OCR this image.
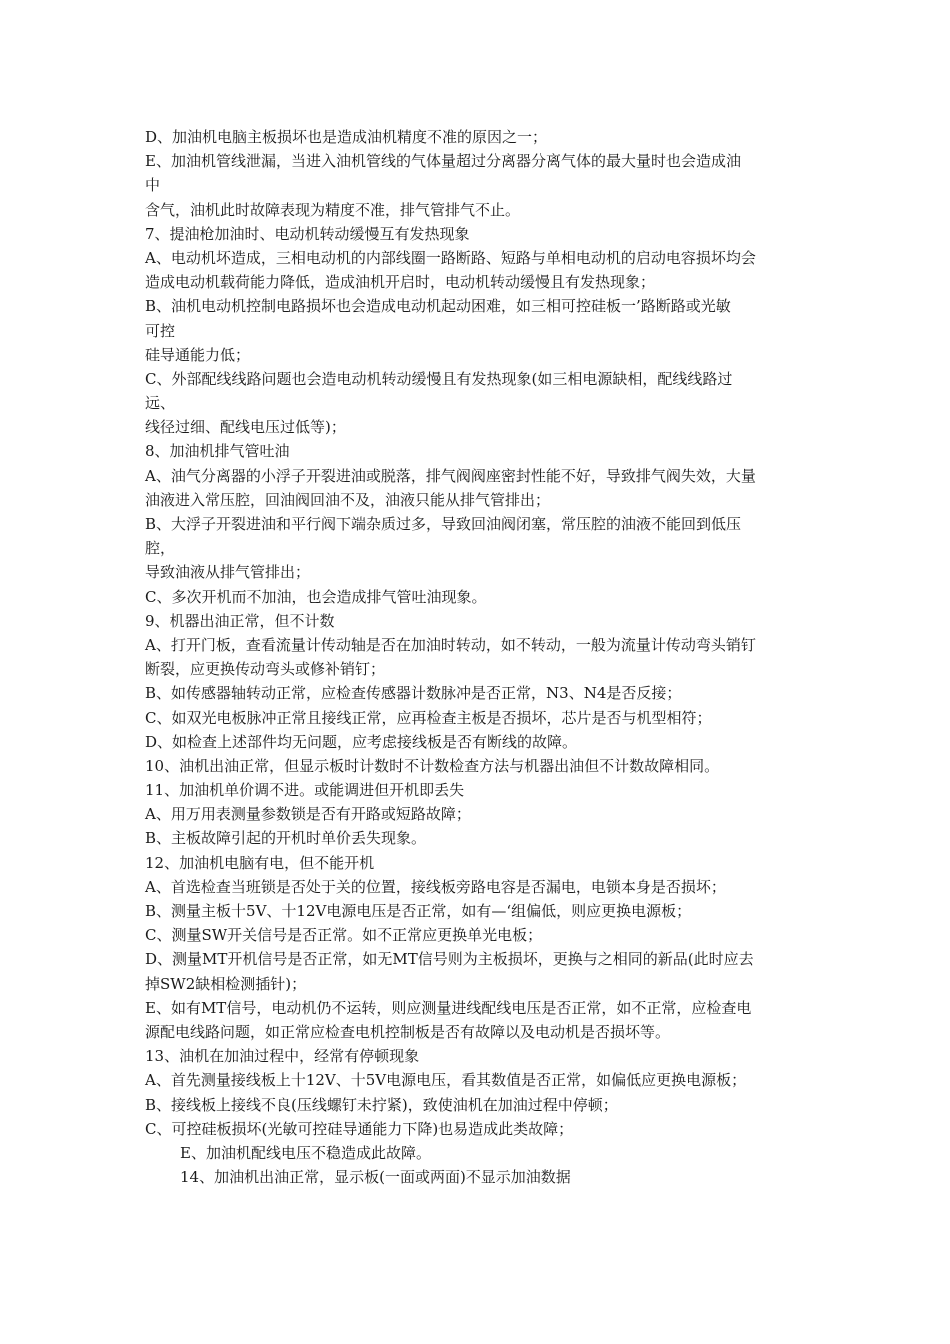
D、加油机电脑主板损坏也是造成油机精度不准的原因之一；
E、加油机管线泄漏，当进入油机管线的气体量超过分离器分离气体的最大量时也会造成油
中
含气，油机此时故障表现为精度不准，排气管排气不止。
7、提油枪加油时、电动机转动缓慢互有发热现象
A、电动机坏造成，三相电动机的内部线圈一路断路、短路与单相电动机的启动电容损坏均会
造成电动机载荷能力降低，造成油机开启时，电动机转动缓慢且有发热现象；
B、油机电动机控制电路损坏也会造成电动机起动困难，如三相可控硅板一’路断路或光敏
可控
硅导通能力低；
C、外部配线线路问题也会造电动机转动缓慢且有发热现象(如三相电源缺相，配线线路过
远、
线径过细、配线电压过低等)；
8、加油机排气管吐油
A、油气分离器的小浮子开裂进油或脱落，排气阀阀座密封性能不好，导致排气阀失效，大量
油液进入常压腔，回油阀回油不及，油液只能从排气管排出；
B、大浮子开裂进油和平行阀下端杂质过多，导致回油阀闭塞，常压腔的油液不能回到低压
腔，
导致油液从排气管排出；
C、多次开机而不加油，也会造成排气管吐油现象。
9、机器出油正常，但不计数
A、打开门板，查看流量计传动轴是否在加油时转动，如不转动，一般为流量计传动弯头销钉
断裂，应更换传动弯头或修补销钉；
B、如传感器轴转动正常，应检查传感器计数脉冲是否正常，N3、N4是否反接；
C、如双光电板脉冲正常且接线正常，应再检查主板是否损坏，芯片是否与机型相符；
D、如检查上述部件均无问题，应考虑接线板是否有断线的故障。
10、油机出油正常，但显示板时计数时不计数检查方法与机器出油但不计数故障相同。
11、加油机单价调不进。或能调进但开机即丢失
A、用万用表测量参数锁是否有开路或短路故障；
B、主板故障引起的开机时单价丢失现象。
12、加油机电脑有电，但不能开机
A、首选检查当班锁是否处于关的位置，接线板旁路电容是否漏电，电锁本身是否损坏；
B、测量主板十5V、十12V电源电压是否正常，如有—‘组偏低，则应更换电源板；
C、测量SW开关信号是否正常。如不正常应更换单光电板；
D、测量MT开机信号是否正常，如无MT信号则为主板损坏，更换与之相同的新品(此时应去
掉SW2缺相检测插针)；
E、如有MT信号，电动机仍不运转，则应测量进线配线电压是否正常，如不正常，应检查电
源配电线路问题，如正常应检查电机控制板是否有故障以及电动机是否损坏等。
13、油机在加油过程中，经常有停顿现象
A、首先测量接线板上十12V、十5V电源电压，看其数值是否正常，如偏低应更换电源板；
B、接线板上接线不良(压线螺钉未拧紧)，致使油机在加油过程中停顿；
C、可控硅板损坏(光敏可控硅导通能力下降)也易造成此类故障；
E、加油机配线电压不稳造成此故障。
14、加油机出油正常，显示板(一面或两面)不显示加油数据
